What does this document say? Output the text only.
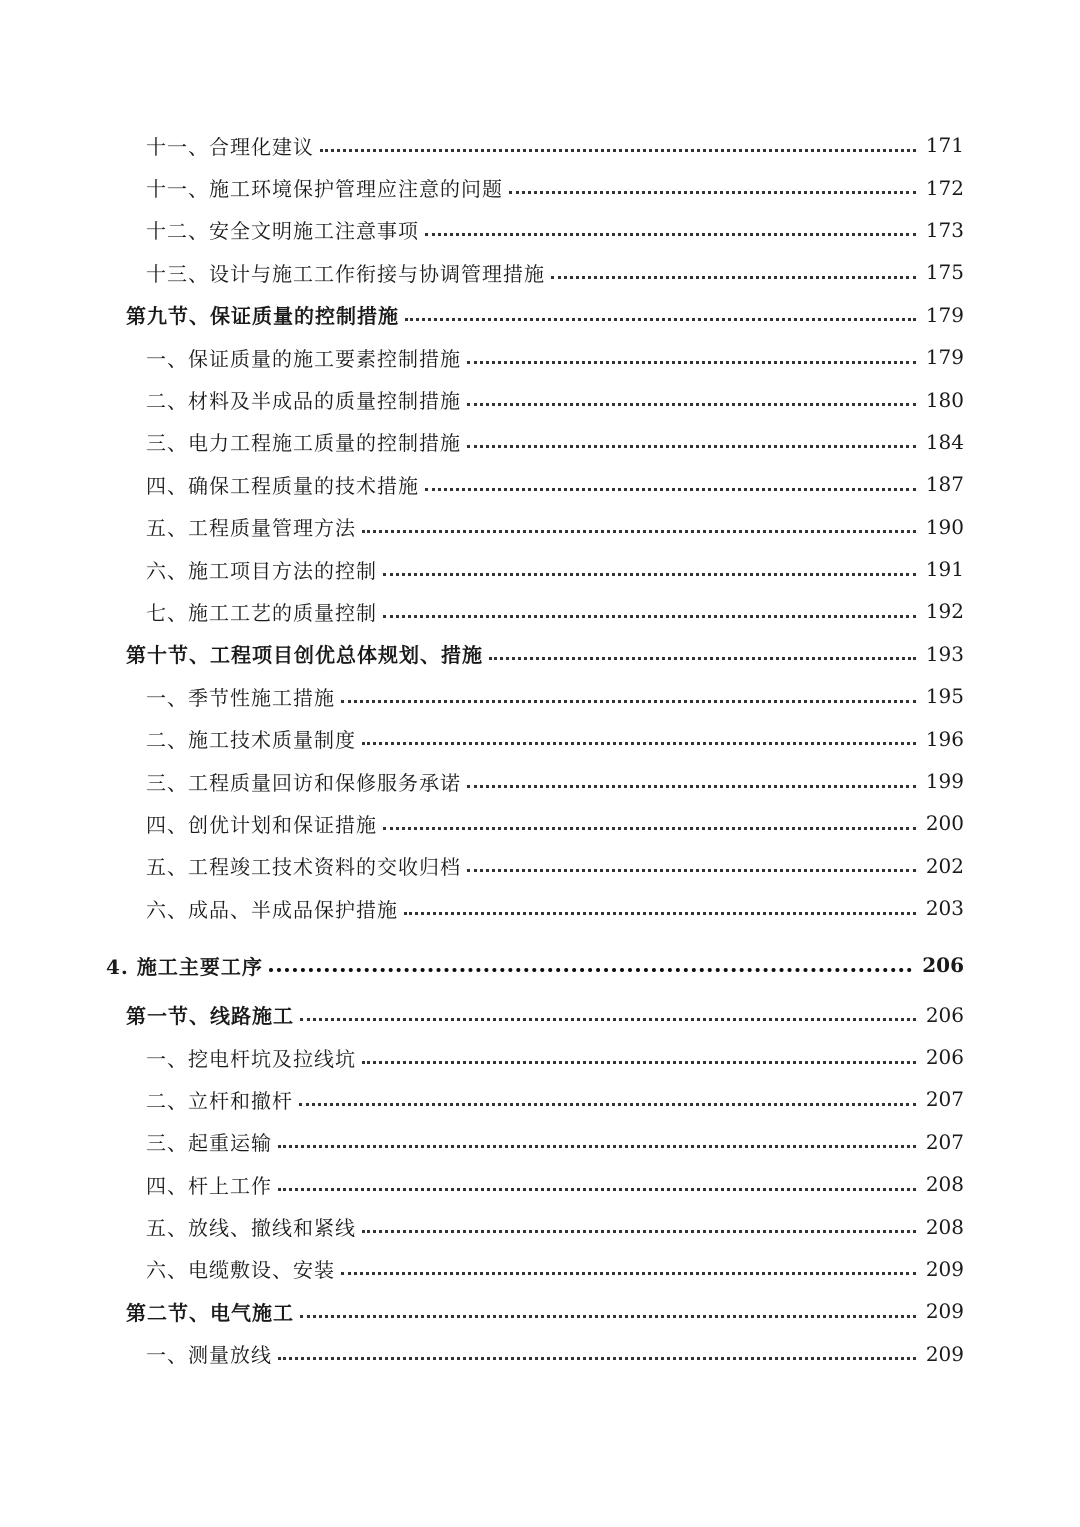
十一、合理化建议	171
十一、施工环境保护管理应注意的问题	172
十二、安全文明施工注意事项	173
十三、设计与施工工作衔接与协调管理措施	175
第九节、保证质量的控制措施	179
一、保证质量的施工要素控制措施	179
二、材料及半成品的质量控制措施	180
三、电力工程施工质量的控制措施	184
四、确保工程质量的技术措施	187
五、工程质量管理方法	190
六、施工项目方法的控制	191
七、施工工艺的质量控制	192
第十节、工程项目创优总体规划、措施	193
一、季节性施工措施	195
二、施工技术质量制度	196
三、工程质量回访和保修服务承诺	199
四、创优计划和保证措施	200
五、工程竣工技术资料的交收归档	202
六、成品、半成品保护措施	203
4. 施工主要工序	206
第一节、线路施工	206
一、挖电杆坑及拉线坑	206
二、立杆和撤杆	207
三、起重运输	207
四、杆上工作	208
五、放线、撤线和紧线	208
六、电缆敷设、安装	209
第二节、电气施工	209
一、测量放线	209
